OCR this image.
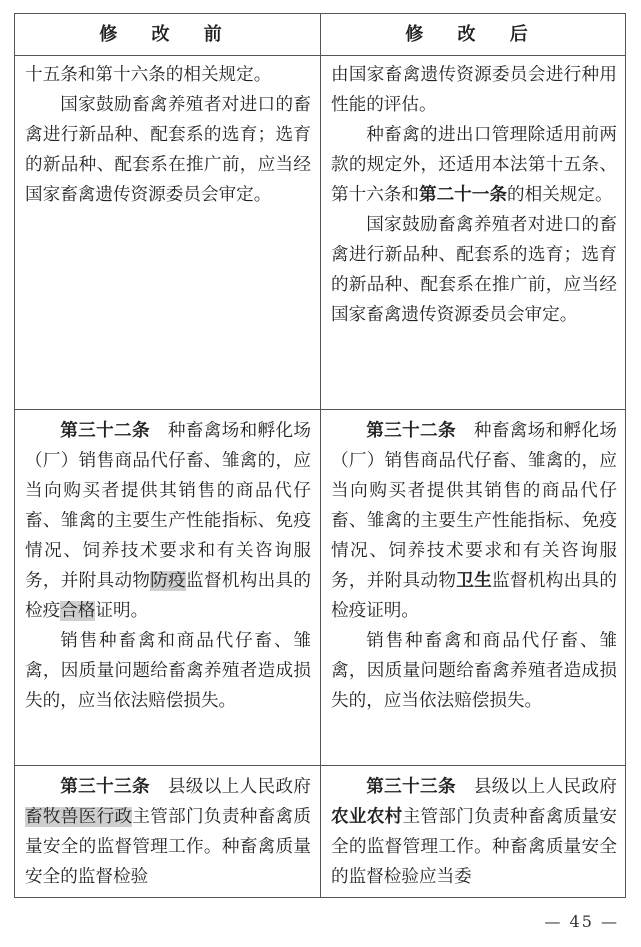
修 改 前	修 改 后

十五条和第十六条的相关规定。

国家鼓励畜禽养殖者对进口的畜禽进行新品种、配套系的选育；选育的新品种、配套系在推广前，应当经国家畜禽遗传资源委员会审定。

由国家畜禽遗传资源委员会进行种用性能的评估。

种畜禽的进出口管理除适用前两款的规定外，还适用本法第十五条、第十六条和第二十一条的相关规定。

国家鼓励畜禽养殖者对进口的畜禽进行新品种、配套系的选育；选育的新品种、配套系在推广前，应当经国家畜禽遗传资源委员会审定。

第三十二条　种畜禽场和孵化场（厂）销售商品代仔畜、雏禽的，应当向购买者提供其销售的商品代仔畜、雏禽的主要生产性能指标、免疫情况、饲养技术要求和有关咨询服务，并附具动物防疫监督机构出具的检疫合格证明。

销售种畜禽和商品代仔畜、雏禽，因质量问题给畜禽养殖者造成损失的，应当依法赔偿损失。

第三十二条　种畜禽场和孵化场（厂）销售商品代仔畜、雏禽的，应当向购买者提供其销售的商品代仔畜、雏禽的主要生产性能指标、免疫情况、饲养技术要求和有关咨询服务，并附具动物卫生监督机构出具的检疫证明。

销售种畜禽和商品代仔畜、雏禽，因质量问题给畜禽养殖者造成损失的，应当依法赔偿损失。

第三十三条　县级以上人民政府畜牧兽医行政主管部门负责种畜禽质量安全的监督管理工作。种畜禽质量安全的监督检验

第三十三条　县级以上人民政府农业农村主管部门负责种畜禽质量安全的监督管理工作。种畜禽质量安全的监督检验应当委

— 45 —
